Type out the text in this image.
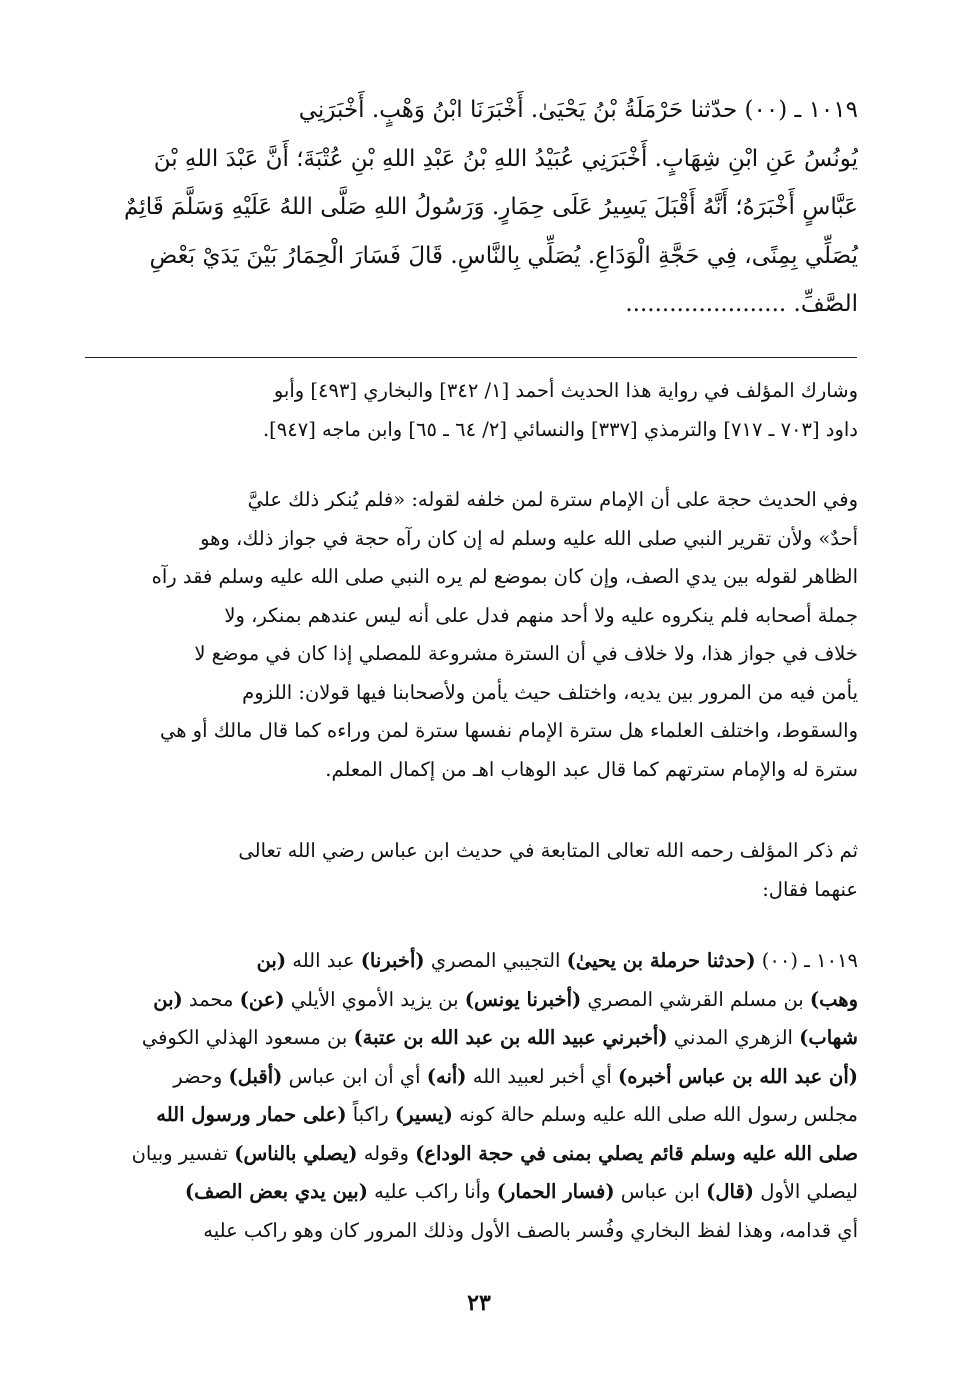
١٠١٩ ـ (٠٠) حدّثنا حَرْمَلَةُ بْنُ يَحْيَىٰ. أَخْبَرَنَا ابْنُ وَهْبٍ. أَخْبَرَنِي
يُونُسُ عَنِ ابْنِ شِهَابٍ. أَخْبَرَنِي عُبَيْدُ اللهِ بْنُ عَبْدِ اللهِ بْنِ عُتْبَةَ؛ أَنَّ عَبْدَ اللهِ بْنَ
عَبَّاسٍ أَخْبَرَهُ؛ أَنَّهُ أَقْبَلَ يَسِيرُ عَلَى حِمَارٍ. وَرَسُولُ اللهِ صَلَّى اللهُ عَلَيْهِ وَسَلَّمَ قَائِمٌ
يُصَلِّي بِمِنًى، فِي حَجَّةِ الْوَدَاعِ. يُصَلِّي بِالنَّاسِ. قَالَ فَسَارَ الْحِمَارُ بَيْنَ يَدَيْ بَعْضِ
الصَّفِّ. ......................
وشارك المؤلف في رواية هذا الحديث أحمد [١/ ٣٤٢] والبخاري [٤٩٣] وأبو
داود [٧٠٣ ـ ٧١٧] والترمذي [٣٣٧] والنسائي [٢/ ٦٤ ـ ٦٥] وابن ماجه [٩٤٧].
وفي الحديث حجة على أن الإمام سترة لمن خلفه لقوله: «فلم يُنكر ذلك عليَّ
أحدٌ» ولأن تقرير النبي صلى الله عليه وسلم له إن كان رآه حجة في جواز ذلك، وهو
الظاهر لقوله بين يدي الصف، وإن كان بموضع لم يره النبي صلى الله عليه وسلم فقد رآه
جملة أصحابه فلم ينكروه عليه ولا أحد منهم فدل على أنه ليس عندهم بمنكر، ولا
خلاف في جواز هذا، ولا خلاف في أن السترة مشروعة للمصلي إذا كان في موضع لا
يأمن فيه من المرور بين يديه، واختلف حيث يأمن ولأصحابنا فيها قولان: اللزوم
والسقوط، واختلف العلماء هل سترة الإمام نفسها سترة لمن وراءه كما قال مالك أو هي
سترة له والإمام سترتهم كما قال عبد الوهاب اهـ من إكمال المعلم.
ثم ذكر المؤلف رحمه الله تعالى المتابعة في حديث ابن عباس رضي الله تعالى
عنهما فقال:
١٠١٩ ـ (٠٠) (حدثنا حرملة بن يحيىٰ) التجيبي المصري (أخبرنا) عبد الله (بن
وهب) بن مسلم القرشي المصري (أخبرنا يونس) بن يزيد الأموي الأيلي (عن) محمد (بن
شهاب) الزهري المدني (أخبرني عبيد الله بن عبد الله بن عتبة) بن مسعود الهذلي الكوفي
(أن عبد الله بن عباس أخبره) أي أخبر لعبيد الله (أنه) أي أن ابن عباس (أقبل) وحضر
مجلس رسول الله صلى الله عليه وسلم حالة كونه (يسير) راكباً (على حمار ورسول الله
صلى الله عليه وسلم قائم يصلي بمنى في حجة الوداع) وقوله (يصلي بالناس) تفسير وبيان
ليصلي الأول (قال) ابن عباس (فسار الحمار) وأنا راكب عليه (بين يدي بعض الصف)
أي قدامه، وهذا لفظ البخاري وفُسر بالصف الأول وذلك المرور كان وهو راكب عليه
٢٣
